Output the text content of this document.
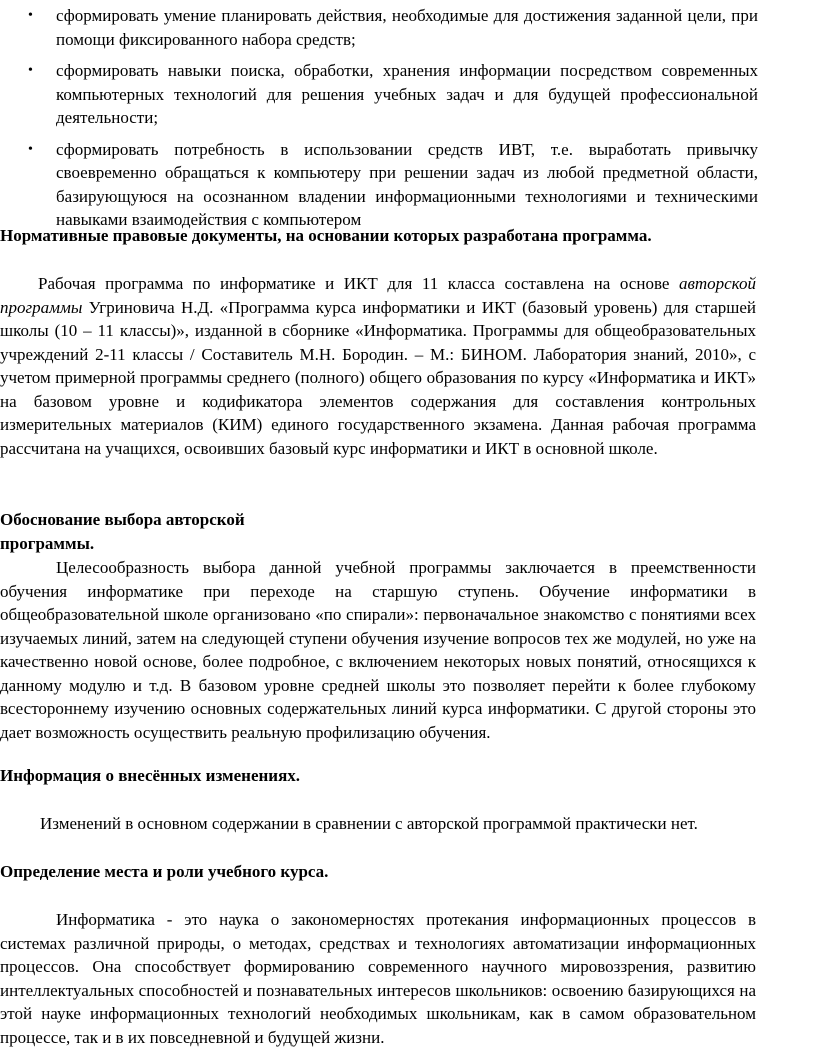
• сформировать умение планировать действия, необходимые для достижения заданной цели, при помощи фиксированного набора средств;
• сформировать навыки поиска, обработки, хранения информации посредством современных компьютерных технологий для решения учебных задач и для будущей профессиональной деятельности;
• сформировать потребность в использовании средств ИВТ, т.е. выработать привычку своевременно обращаться к компьютеру при решении задач из любой предметной области, базирующуюся на осознанном владении информационными технологиями и техническими навыками взаимодействия с компьютером
Нормативные правовые документы, на основании которых разработана программа.
Рабочая программа по информатике и ИКТ для 11 класса составлена на основе авторской программы Угриновича Н.Д. «Программа курса информатики и ИКТ (базовый уровень) для старшей школы (10 – 11 классы)», изданной в сборнике «Информатика. Программы для общеобразовательных учреждений 2-11 классы / Составитель М.Н. Бородин. – М.: БИНОМ. Лаборатория знаний, 2010», с учетом примерной программы среднего (полного) общего образования по курсу «Информатика и ИКТ» на базовом уровне и кодификатора элементов содержания для составления контрольных измерительных материалов (КИМ) единого государственного экзамена. Данная рабочая программа рассчитана на учащихся, освоивших базовый курс информатики и ИКТ в основной школе.
Обоснование выбора авторской
программы.
Целесообразность выбора данной учебной программы заключается в преемственности обучения информатике при переходе на старшую ступень. Обучение информатики в общеобразовательной школе организовано «по спирали»: первоначальное знакомство с понятиями всех изучаемых линий, затем на следующей ступени обучения изучение вопросов тех же модулей, но уже на качественно новой основе, более подробное, с включением некоторых новых понятий, относящихся к данному модулю и т.д. В базовом уровне средней школы это позволяет перейти к более глубокому всестороннему изучению основных содержательных линий курса информатики. С другой стороны это дает возможность осуществить реальную профилизацию обучения.
Информация о внесённых изменениях.
Изменений в основном содержании в сравнении с авторской программой практически нет.
Определение места и роли учебного курса.
Информатика - это наука о закономерностях протекания информационных процессов в системах различной природы, о методах, средствах и технологиях автоматизации информационных процессов. Она способствует формированию современного научного мировоззрения, развитию интеллектуальных способностей и познавательных интересов школьников: освоению базирующихся на этой науке информационных технологий необходимых школьникам, как в самом образовательном процессе, так и в их повседневной и будущей жизни.
